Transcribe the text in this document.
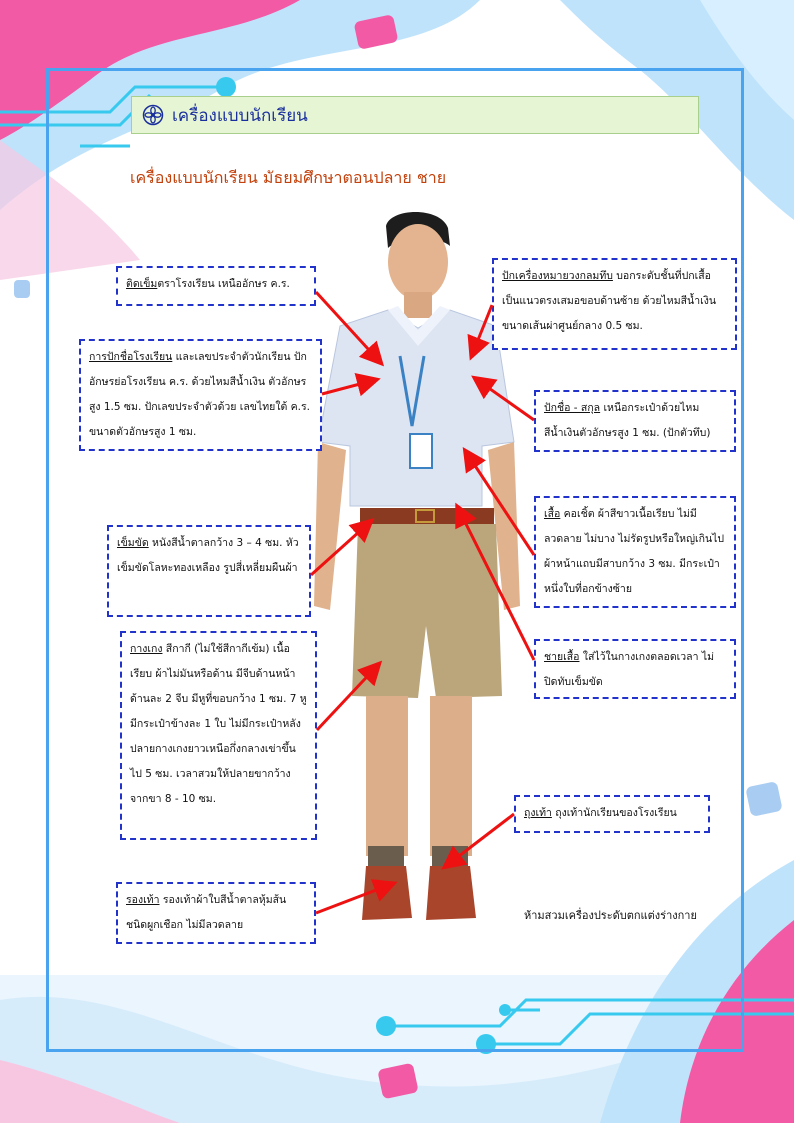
เครื่องแบบนักเรียน
เครื่องแบบนักเรียน มัธยมศึกษาตอนปลาย ชาย
ติดเข็มตราโรงเรียน เหนืออักษร ค.ร.
การปักชื่อโรงเรียน และเลขประจำตัวนักเรียน ปักอักษรย่อโรงเรียน ค.ร. ด้วยไหมสีน้ำเงิน ตัวอักษรสูง 1.5 ซม. ปักเลขประจำตัวด้วย เลขไทยใต้ ค.ร. ขนาดตัวอักษรสูง 1 ซม.
เข็มขัด หนังสีน้ำตาลกว้าง 3 – 4 ซม. หัวเข็มขัดโลหะทองเหลือง รูปสี่เหลี่ยมผืนผ้า
กางเกง สีกากี (ไม่ใช้สีกากีเข้ม) เนื้อเรียบ ผ้าไม่มันหรือด้าน มีจีบด้านหน้าด้านละ 2 จีบ มีหูที่ขอบกว้าง 1 ซม. 7 หู มีกระเป๋าข้างละ 1 ใบ ไม่มีกระเป๋าหลังปลายกางเกงยาวเหนือกึ่งกลางเข่าขึ้นไป 5 ซม. เวลาสวมให้ปลายขากว้างจากขา 8 - 10 ซม.
รองเท้า รองเท้าผ้าใบสีน้ำตาลหุ้มส้น ชนิดผูกเชือก ไม่มีลวดลาย
ปักเครื่องหมายวงกลมทึบ บอกระดับชั้นที่ปกเสื้อเป็นแนวตรงเสมอขอบด้านซ้าย ด้วยไหมสีน้ำเงิน ขนาดเส้นผ่าศูนย์กลาง 0.5 ซม.
ปักชื่อ - สกุล เหนือกระเป๋าด้วยไหมสีน้ำเงินตัวอักษรสูง 1 ซม. (ปักตัวทึบ)
เสื้อ คอเชิ้ต ผ้าสีขาวเนื้อเรียบ ไม่มีลวดลาย ไม่บาง ไม่รัดรูปหรือใหญ่เกินไป ผ้าหน้าแถบมีสาบกว้าง 3 ซม. มีกระเป๋าหนึ่งใบที่อกข้างซ้าย
ชายเสื้อ ใส่ไว้ในกางเกงตลอดเวลา ไม่ปิดทับเข็มขัด
ถุงเท้า ถุงเท้านักเรียนของโรงเรียน
ห้ามสวมเครื่องประดับตกแต่งร่างกาย
